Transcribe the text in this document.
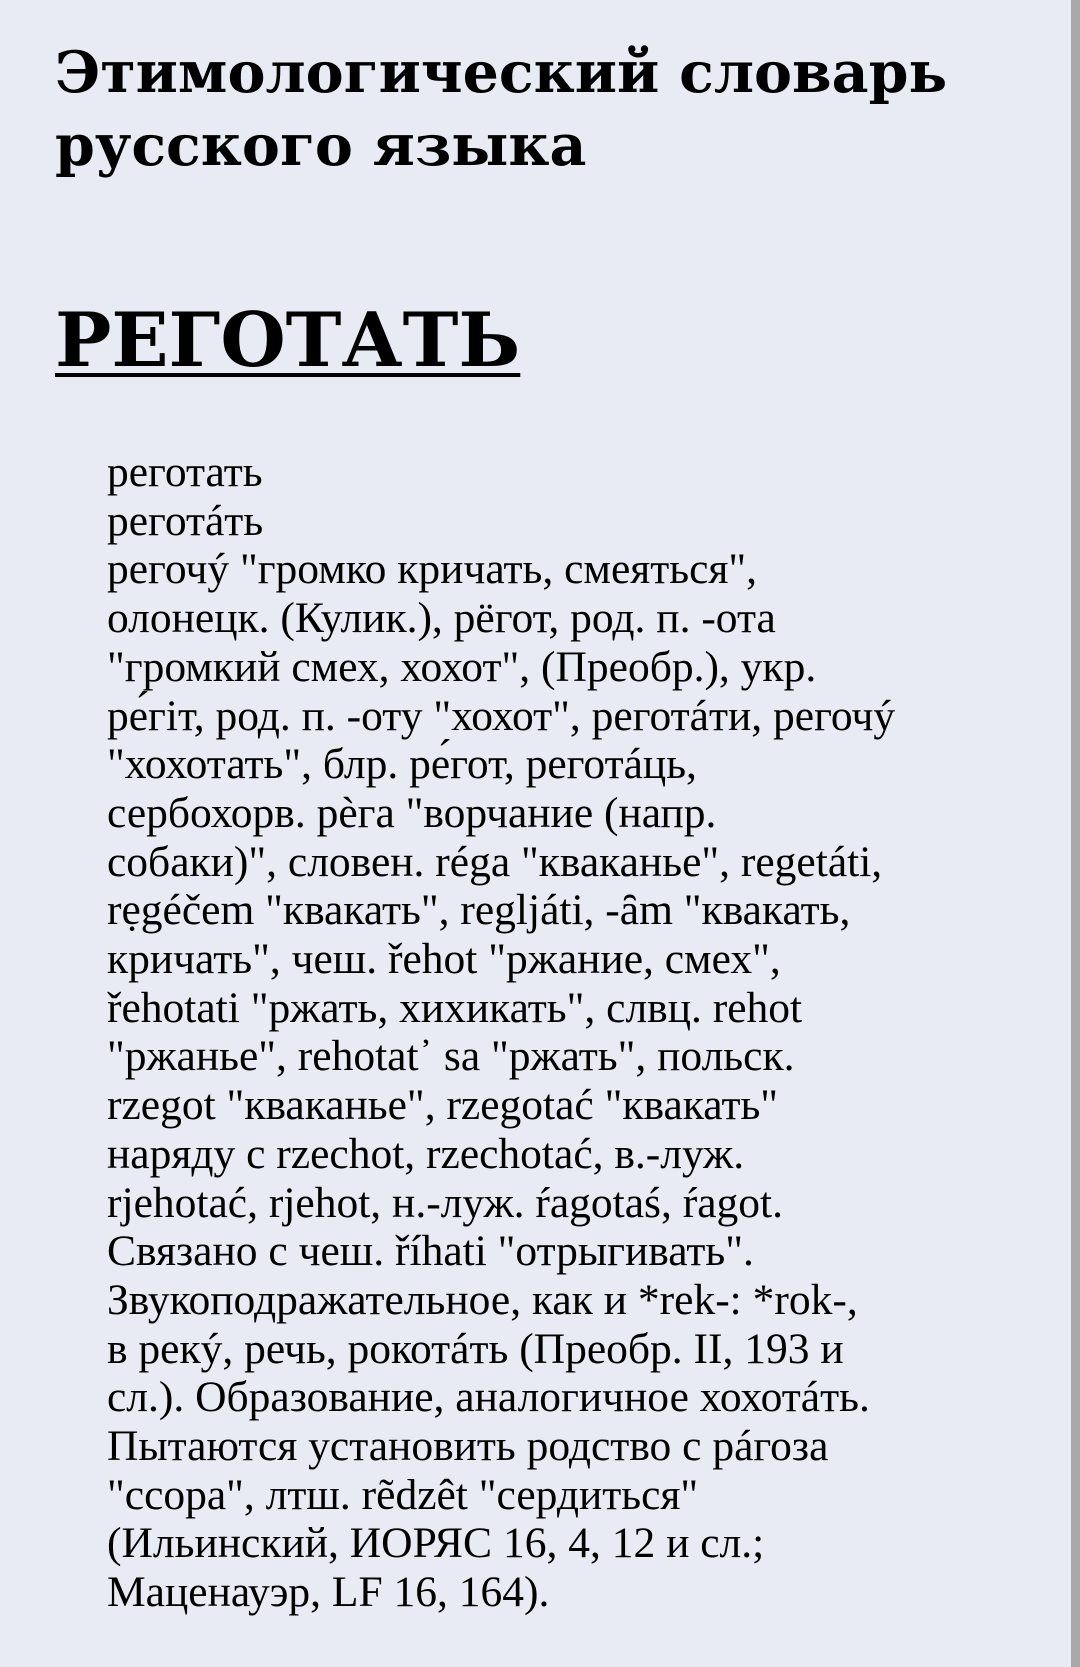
Этимологический словарь русского языка
РЕГОТАТЬ
реготать
реготáть
регочý "громко кричать, смеяться",
олонецк. (Кулик.), рёгот, род. п. -ота
"громкий смех, хохот", (Преобр.), укр.
ре́гiт, род. п. -оту "хохот", реготáти, регочý
"хохотать", блр. ре́гот, реготáць,
сербохорв. рѐга "ворчание (напр.
собаки)", словен. réga "кваканье", regetáti,
rẹgéčem "квакать", regljáti, -ȃm "квакать,
кричать", чеш. řehot "ржание, смех",
řehotati "ржать, хихикать", слвц. rehot
"ржанье", rehotat᾽ sa "ржать", польск.
rzegot "кваканье", rzegotać "квакать"
наряду с rzechot, rzechotać, в.-луж.
rjehotać, rjehot, н.-луж. ŕagotaś, ŕagot.
Связано с чеш. říhati "отрыгивать".
Звукоподражательное, как и *rek-: *rok-,
в рекý, речь, рокотáть (Преобр. II, 193 и
сл.). Образование, аналогичное хохотáть.
Пытаются установить родство с рáгоза
"ссора", лтш. rẽdzêt "сердиться"
(Ильинский, ИОРЯС 16, 4, 12 и сл.;
Маценауэр, LF 16, 164).
